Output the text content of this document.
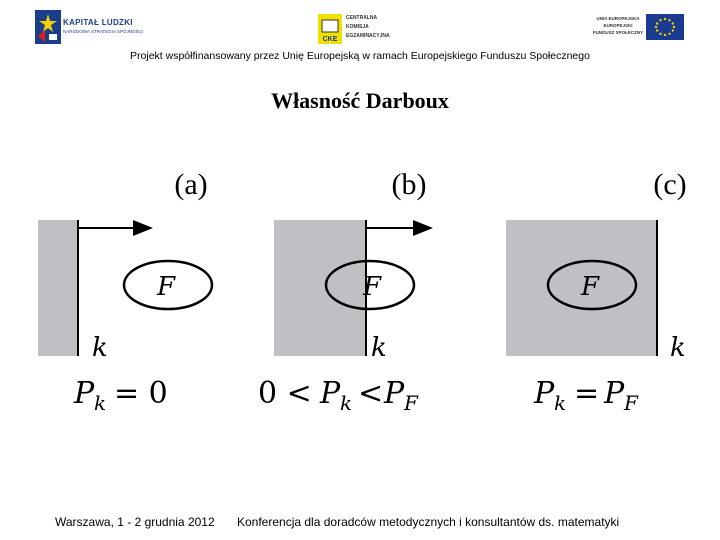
KAPITAŁ LUDZKI
NARODOWA STRATEGIA SPÓJNOŚCI
CKE
CENTRALNA
KOMISJA
EGZAMINACYJNA
UNIA EUROPEJSKA
EUROPEJSKI
FUNDUSZ SPOŁECZNY
Projekt współfinansowany przez Unię Europejską w ramach Europejskiego Funduszu Społecznego
Własność Darboux
(a)
F
k
P k = 0
(b)
F
k
0 < P k < P F
(c)
F
k
P k = P F
Warszawa, 1 - 2 grudnia 2012 Konferencja dla doradców metodycznych i konsultantów ds. matematyki
